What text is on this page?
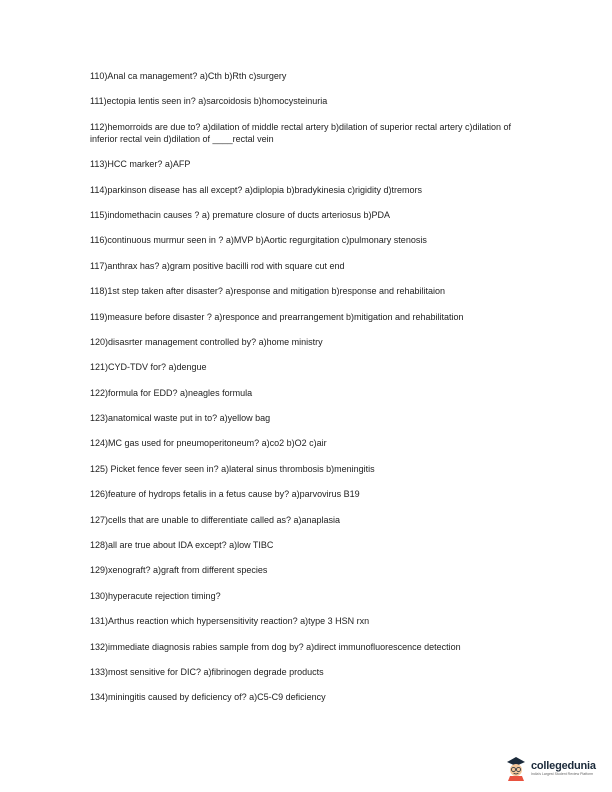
110)Anal ca management? a)Cth b)Rth c)surgery

111)ectopia lentis seen in? a)sarcoidosis b)homocysteinuria

112)hemorroids are due to? a)dilation of middle rectal artery b)dilation of superior rectal artery c)dilation of inferior rectal vein d)dilation of ____rectal vein

113)HCC marker? a)AFP

114)parkinson disease has all except? a)diplopia b)bradykinesia c)rigidity d)tremors

115)indomethacin causes ? a) premature closure of ducts arteriosus b)PDA

116)continuous murmur seen in ? a)MVP b)Aortic regurgitation c)pulmonary stenosis

117)anthrax has? a)gram positive bacilli rod with square cut end

118)1st step taken after disaster? a)response and mitigation b)response and rehabilitaion

119)measure before disaster ? a)responce and prearrangement b)mitigation and rehabilitation

120)disasrter management controlled by? a)home ministry

121)CYD-TDV for? a)dengue

122)formula for EDD? a)neagles formula

123)anatomical waste put in to? a)yellow bag

124)MC gas used for pneumoperitoneum? a)co2 b)O2 c)air

125) Picket fence fever seen in? a)lateral sinus thrombosis b)meningitis

126)feature of hydrops fetalis in a fetus cause by? a)parvovirus B19

127)cells that are unable to differentiate called as? a)anaplasia

128)all are true about IDA except? a)low TIBC

129)xenograft? a)graft from different species

130)hyperacute rejection timing?

131)Arthus reaction which hypersensitivity reaction? a)type 3 HSN rxn

132)immediate diagnosis rabies sample from dog by? a)direct immunofluorescence detection

133)most sensitive for DIC? a)fibrinogen degrade products

134)miningitis caused by deficiency of? a)C5-C9 deficiency

collegedunia
India's Largest Student Review Platform
